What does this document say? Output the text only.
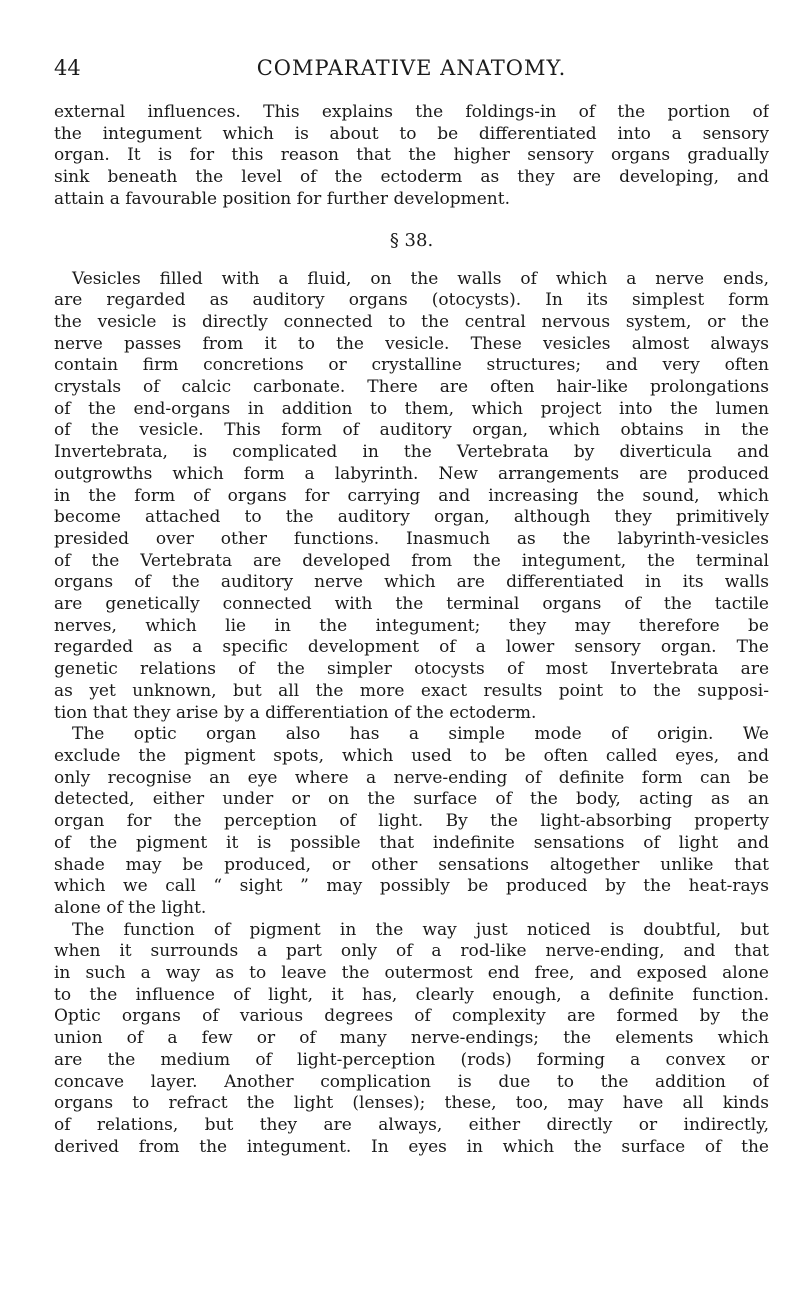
44	COMPARATIVE ANATOMY.

external influences. This explains the foldings-in of the portion of

the integument which is about to be differentiated into a sensory

organ. It is for this reason that the higher sensory organs gradually

sink beneath the level of the ectoderm as they are developing, and

attain a favourable position for further development.

§ 38.

Vesicles filled with a fluid, on the walls of which a nerve ends,

are regarded as auditory organs (otocysts). In its simplest form

the vesicle is directly connected to the central nervous system, or the

nerve passes from it to the vesicle. These vesicles almost always

contain firm concretions or crystalline structures; and very often

crystals of calcic carbonate. There are often hair-like prolongations

of the end-organs in addition to them, which project into the lumen

of the vesicle. This form of auditory organ, which obtains in the

Invertebrata, is complicated in the Vertebrata by diverticula and

outgrowths which form a labyrinth. New arrangements are produced

in the form of organs for carrying and increasing the sound, which

become attached to the auditory organ, although they primitively

presided over other functions. Inasmuch as the labyrinth-vesicles

of the Vertebrata are developed from the integument, the terminal

organs of the auditory nerve which are differentiated in its walls

are genetically connected with the terminal organs of the tactile

nerves, which lie in the integument; they may therefore be

regarded as a specific development of a lower sensory organ. The

genetic relations of the simpler otocysts of most Invertebrata are

as yet unknown, but all the more exact results point to the supposi-

tion that they arise by a differentiation of the ectoderm.

The optic organ also has a simple mode of origin. We

exclude the pigment spots, which used to be often called eyes, and

only recognise an eye where a nerve-ending of definite form can be

detected, either under or on the surface of the body, acting as an

organ for the perception of light. By the light-absorbing property

of the pigment it is possible that indefinite sensations of light and

shade may be produced, or other sensations altogether unlike that

which we call “ sight ” may possibly be produced by the heat-rays

alone of the light.

The function of pigment in the way just noticed is doubtful, but

when it surrounds a part only of a rod-like nerve-ending, and that

in such a way as to leave the outermost end free, and exposed alone

to the influence of light, it has, clearly enough, a definite function.

Optic organs of various degrees of complexity are formed by the

union of a few or of many nerve-endings; the elements which

are the medium of light-perception (rods) forming a convex or

concave layer. Another complication is due to the addition of

organs to refract the light (lenses); these, too, may have all kinds

of relations, but they are always, either directly or indirectly,

derived from the integument. In eyes in which the surface of the
